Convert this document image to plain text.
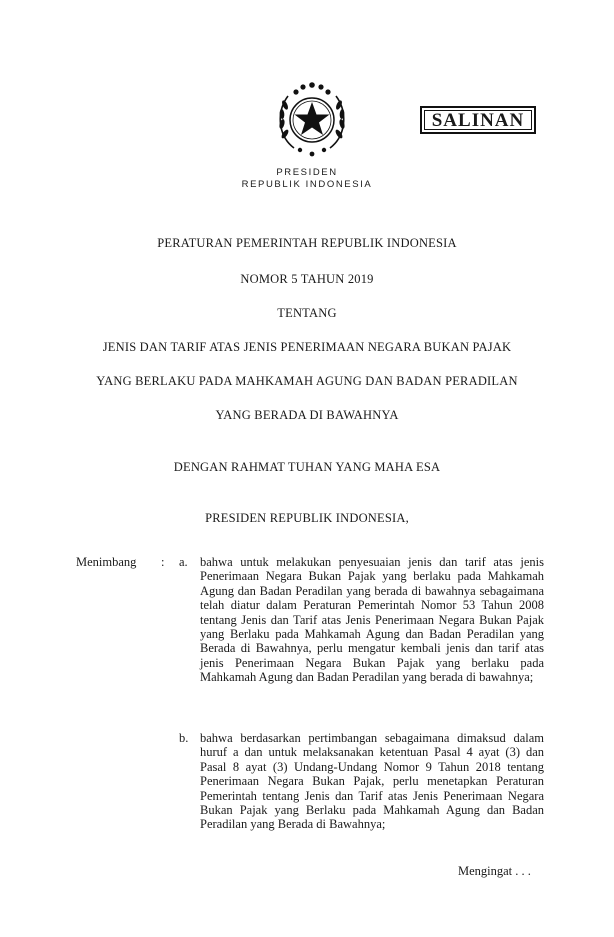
SALINAN
PRESIDEN
REPUBLIK INDONESIA
PERATURAN PEMERINTAH REPUBLIK INDONESIA
NOMOR 5 TAHUN 2019
TENTANG
JENIS DAN TARIF ATAS JENIS PENERIMAAN NEGARA BUKAN PAJAK
YANG BERLAKU PADA MAHKAMAH AGUNG DAN BADAN PERADILAN
YANG BERADA DI BAWAHNYA
DENGAN RAHMAT TUHAN YANG MAHA ESA
PRESIDEN REPUBLIK INDONESIA,
Menimbang : a. bahwa untuk melakukan penyesuaian jenis dan tarif atas jenis Penerimaan Negara Bukan Pajak yang berlaku pada Mahkamah Agung dan Badan Peradilan yang berada di bawahnya sebagaimana telah diatur dalam Peraturan Pemerintah Nomor 53 Tahun 2008 tentang Jenis dan Tarif atas Jenis Penerimaan Negara Bukan Pajak yang Berlaku pada Mahkamah Agung dan Badan Peradilan yang Berada di Bawahnya, perlu mengatur kembali jenis dan tarif atas jenis Penerimaan Negara Bukan Pajak yang berlaku pada Mahkamah Agung dan Badan Peradilan yang berada di bawahnya;
b. bahwa berdasarkan pertimbangan sebagaimana dimaksud dalam huruf a dan untuk melaksanakan ketentuan Pasal 4 ayat (3) dan Pasal 8 ayat (3) Undang-Undang Nomor 9 Tahun 2018 tentang Penerimaan Negara Bukan Pajak, perlu menetapkan Peraturan Pemerintah tentang Jenis dan Tarif atas Jenis Penerimaan Negara Bukan Pajak yang Berlaku pada Mahkamah Agung dan Badan Peradilan yang Berada di Bawahnya;
Mengingat . . .
